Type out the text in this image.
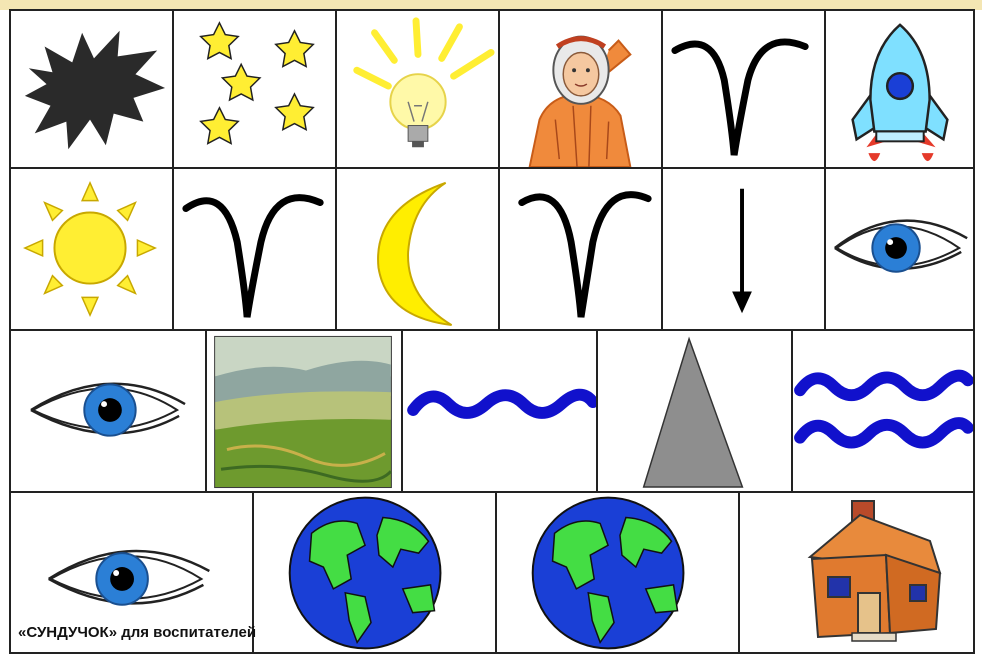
«СУНДУЧОК» для воспитателей
